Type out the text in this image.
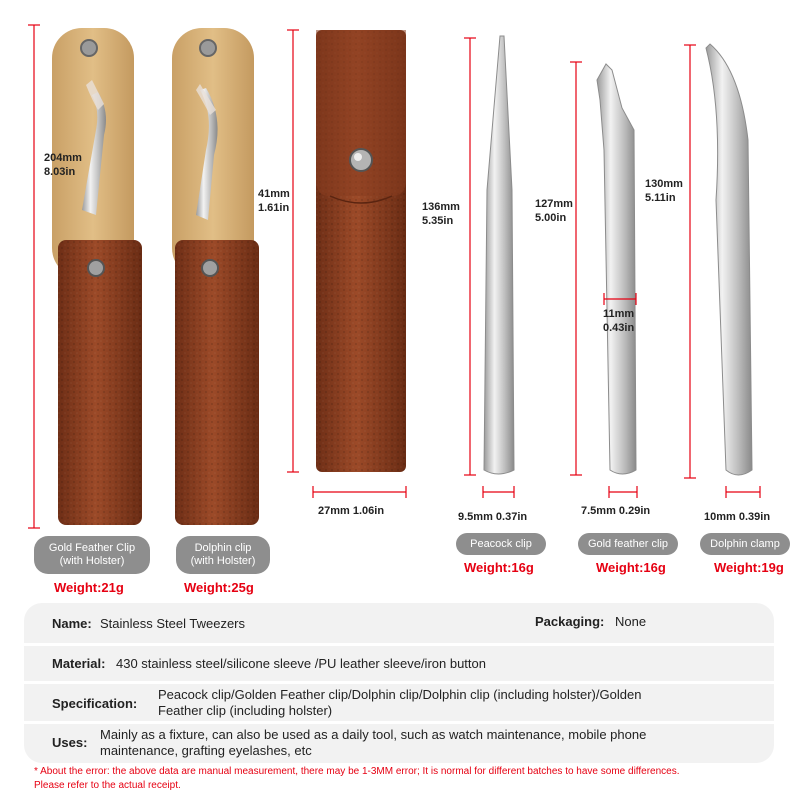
204mm
8.03in
41mm
1.61in
27mm 1.06in
136mm
5.35in
127mm
5.00in
11mm
0.43in
130mm
5.11in
9.5mm 0.37in	7.5mm 0.29in	10mm 0.39in
Gold Feather Clip
(with Holster)
Dolphin clip
(with Holster)
Peacock clip	Gold feather clip	Dolphin clamp
Weight:21g	Weight:25g
Weight:16g	Weight:16g	Weight:19g
Name: Stainless Steel Tweezers	Packaging: None
Material: 430 stainless steel/silicone sleeve /PU leather sleeve/iron button
Specification:
Peacock clip/Golden Feather clip/Dolphin clip/Dolphin clip (including holster)/Golden
Feather clip (including holster)
Uses:
Mainly as a fixture, can also be used as a daily tool, such as watch maintenance, mobile phone
maintenance, grafting eyelashes, etc
* About the error: the above data are manual measurement, there may be 1-3MM error; It is normal for different batches to have some differences.
Please refer to the actual receipt.
